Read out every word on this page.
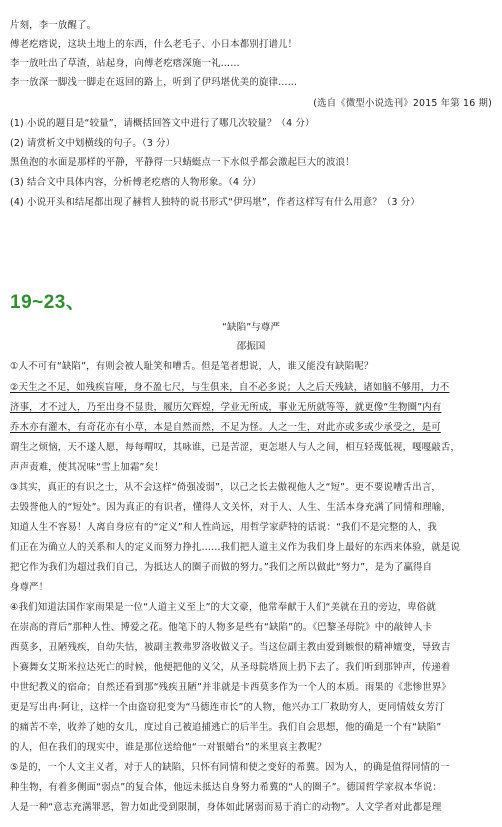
片刻，李一放醒了。
傅老疙瘩说，这块土地上的东西，什么老毛子、小日本都别打谱儿！
李一放吐出了草渣，站起身，向傅老疙瘩深施一礼……
李一放深一脚浅一脚走在返回的路上，听到了伊玛堪优美的旋律……
(选自《微型小说选刊》2015 年第 16 期)
(1) 小说的题目是“较量”，请概括回答文中进行了哪几次较量？（4 分）
(2) 请赏析文中划横线的句子。（3 分）
黑鱼泡的水面是那样的平静，平静得一只蜻蜓点一下水似乎都会激起巨大的波浪！
(3) 结合文中具体内容，分析傅老疙瘩的人物形象。（4 分）
(4) 小说开头和结尾都出现了赫哲人独特的说书形式“伊玛堪”，作者这样写有什么用意？（3 分）
19~23、
“缺陷”与尊严
邵振国
①人不可有“缺陷”，有则会被人耻笑和嘈舌。但是笔者想说，人，谁又能没有缺陷呢？
②天生之不足，如残疾盲哑，身不盈七尺，与生俱来，自不必多说；人之后天残缺，诸如脑不够用，力不
济事，才不过人，乃至出身不显贵，履历欠辉煌，学业无所成，事业无所就等等，就更像“生物圈”内有
乔木亦有灌木，有奇花亦有小草，本是自然而然，不足为怪。人之一生，对此亦或多或少承受之，是可
谓生之烦恼，天不遂人愿，每每喟叹，其咏谁，已是苦涩，更怎堪人与人之间，相互轻蔑低视，嘎嘎敲舌，
声声责难，使其况味“雪上加霜”矣！
③其实，真正的有识之士，从不会这样“倚强凌弱”，以己之长去傲视他人之“短”。更不要说嘈舌出言，
去毁誉他人的“短处”。因为真正的有识者，懂得人文关怀，对于人、人生、生活本身充满了同情和理喻，
知道人生不容易！人离自身应有的“定义”和人性尚远，用哲学家萨特的话说：“我们不是完整的人，我
们正在为确立人的关系和人的定义而努力挣扎……我们把人道主义作为我们身上最好的东西来体验，就是说
把它作为我们为超过我们自己，为抵达人的圈子而做的努力。”我们之所以做此“努力”，是为了赢得自
身尊严！
④我们知道法国作家雨果是一位“人道主义至上”的大文豪，他常奉献于人们“美就在丑的旁边，卑俗就
在崇高的背后”那种人性、博爱之花。他笔下的人物多是些有“缺陷”的。《巴黎圣母院》中的敲钟人卡
西莫多，丑陋残疾，自幼失怙，被副主教弗罗洛收做义子。当这位副主教由爱到嫉恨的精神嬗变，导致吉
卜赛舞女艾斯米拉达死亡的时候，他便把他的义父，从圣母院塔顶上扔下去了。我们听到那钟声，传递着
中世纪教义的宿命；自然还看到那“残疾丑陋”并非就是卡西莫多作为一个人的本质。雨果的《悲惨世界》
更是写出冉·阿让，这样一个由盗窃犯变为“马德连市长”的人物，他兴办工厂救助穷人，更同情妓女芳汀
的痛苦不幸，收养了她的女儿，度过自己被追捕逃亡的后半生。我们自会思想，他的确是一个有“缺陷”
的人，但在我们的现实中，谁是那位送给他“一对银蜡台”的米里哀主教呢？
⑤是的，一个人文主义者，对于人的缺陷，只怀有同情和使之变好的希冀。因为人，的确是值得同情的一
种生物，有着多侧面“弱点”的复合体，他远未抵达自身努力希冀的“人的圈子”。德国哲学家叔本华说：
人是一种“意志充满罪恶，智力如此受到限制，身体如此屠弱而易于消亡的动物”。人文学者对此都是理
